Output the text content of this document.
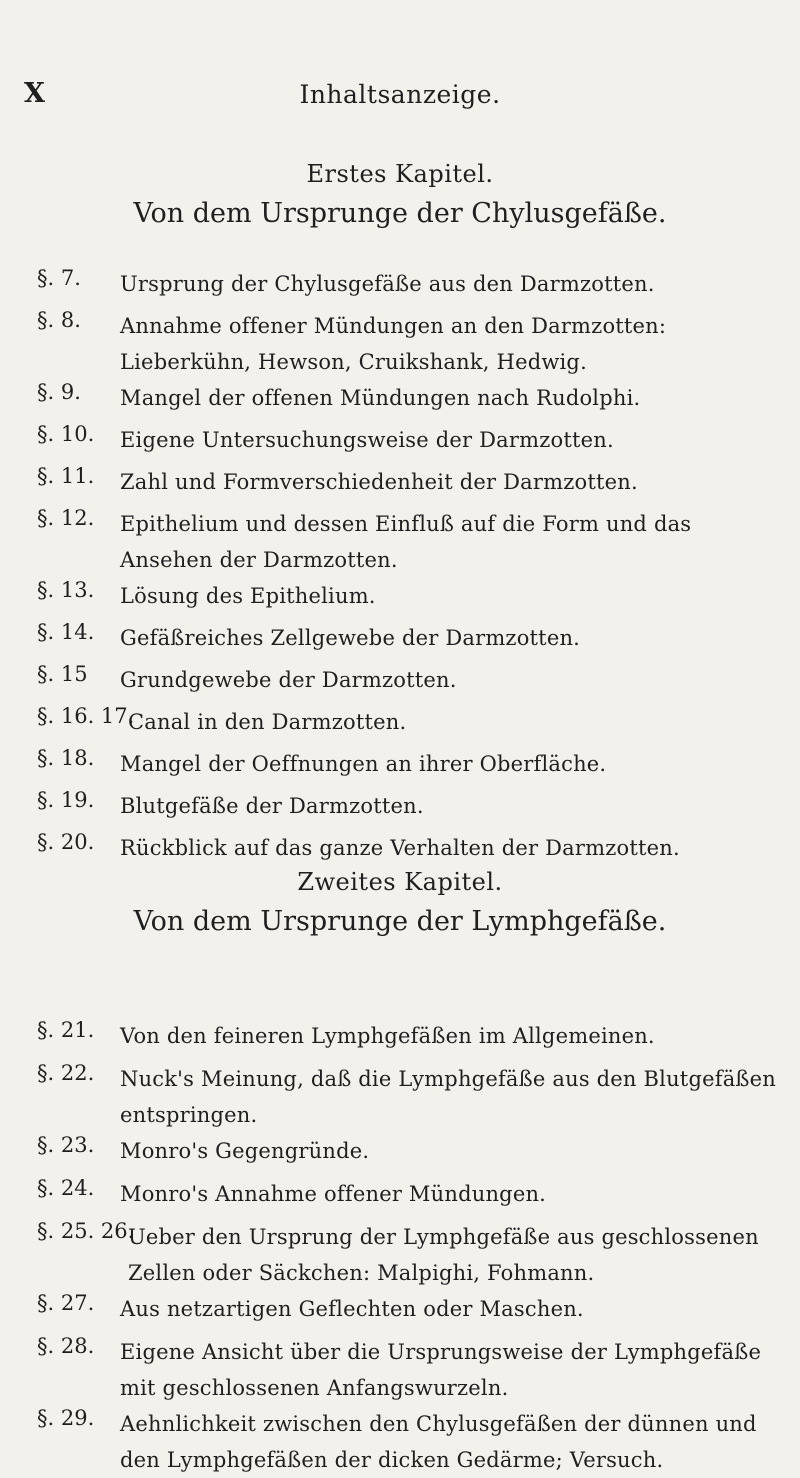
X	Inhaltsanzeige.
Erstes Kapitel.
Von dem Ursprunge der Chylusgefäße.
§. 7. Ursprung der Chylusgefäße aus den Darmzotten.
§. 8. Annahme offener Mündungen an den Darmzotten: Lieberkühn, Hewson, Cruikshank, Hedwig.
§. 9. Mangel der offenen Mündungen nach Rudolphi.
§. 10. Eigene Untersuchungsweise der Darmzotten.
§. 11. Zahl und Formverschiedenheit der Darmzotten.
§. 12. Epithelium und dessen Einfluß auf die Form und das Ansehen der Darmzotten.
§. 13. Lösung des Epithelium.
§. 14. Gefäßreiches Zellgewebe der Darmzotten.
§. 15 Grundgewebe der Darmzotten.
§. 16. 17.
Canal in den Darmzotten.
§. 18. Mangel der Oeffnungen an ihrer Oberfläche.
§. 19. Blutgefäße der Darmzotten.
§. 20. Rückblick auf das ganze Verhalten der Darmzotten.
Zweites Kapitel.
Von dem Ursprunge der Lymphgefäße.
§. 21. Von den feineren Lymphgefäßen im Allgemeinen.
§. 22. Nuck's Meinung, daß die Lymphgefäße aus den Blutgefäßen entspringen.
§. 23. Monro's Gegengründe.
§. 24. Monro's Annahme offener Mündungen.
§. 25. 26.
Ueber den Ursprung der Lymphgefäße aus geschlossenen Zellen oder Säckchen: Malpighi, Fohmann.
§. 27. Aus netzartigen Geflechten oder Maschen.
§. 28. Eigene Ansicht über die Ursprungsweise der Lymphgefäße mit geschlossenen Anfangswurzeln.
§. 29. Aehnlichkeit zwischen den Chylusgefäßen der dünnen und den Lymphgefäßen der dicken Gedärme; Versuch.
